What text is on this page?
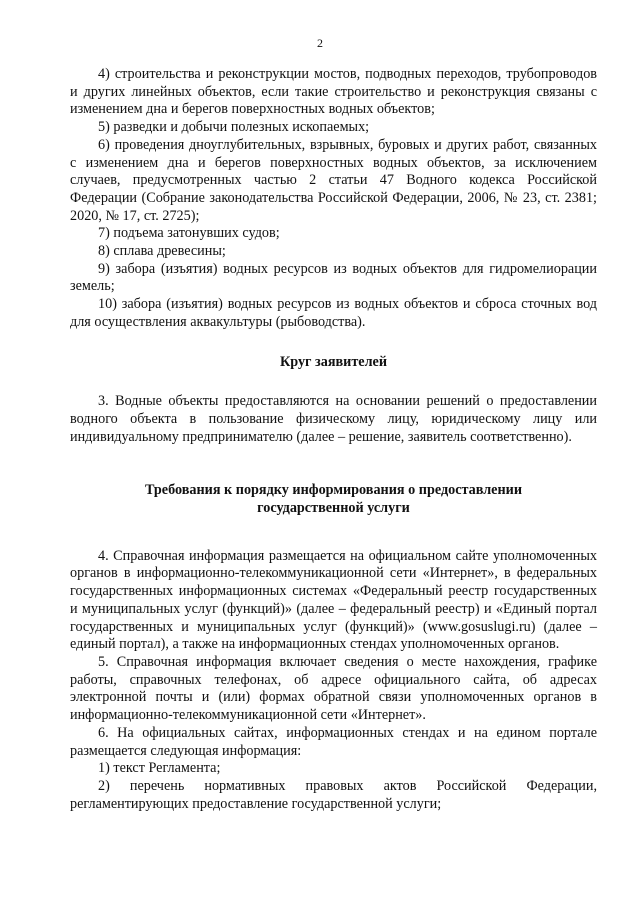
2

4) строительства и реконструкции мостов, подводных переходов, трубопроводов и других линейных объектов, если такие строительство и реконструкция связаны с изменением дна и берегов поверхностных водных объектов;

5) разведки и добычи полезных ископаемых;

6) проведения дноуглубительных, взрывных, буровых и других работ, связанных с изменением дна и берегов поверхностных водных объектов, за исключением случаев, предусмотренных частью 2 статьи 47 Водного кодекса Российской Федерации (Собрание законодательства Российской Федерации, 2006, № 23, ст. 2381; 2020, № 17, ст. 2725);

7) подъема затонувших судов;

8) сплава древесины;

9) забора (изъятия) водных ресурсов из водных объектов для гидромелиорации земель;

10) забора (изъятия) водных ресурсов из водных объектов и сброса сточных вод для осуществления аквакультуры (рыбоводства).

Круг заявителей

3. Водные объекты предоставляются на основании решений о предоставлении водного объекта в пользование физическому лицу, юридическому лицу или индивидуальному предпринимателю (далее – решение, заявитель соответственно).

Требования к порядку информирования о предоставлении
государственной услуги

4. Справочная информация размещается на официальном сайте уполномоченных органов в информационно-телекоммуникационной сети «Интернет», в федеральных государственных информационных системах «Федеральный реестр государственных и муниципальных услуг (функций)» (далее – федеральный реестр) и «Единый портал государственных и муниципальных услуг (функций)» (www.gosuslugi.ru) (далее – единый портал), а также на информационных стендах уполномоченных органов.

5. Справочная информация включает сведения о месте нахождения, графике работы, справочных телефонах, об адресе официального сайта, об адресах электронной почты и (или) формах обратной связи уполномоченных органов в информационно-телекоммуникационной сети «Интернет».

6. На официальных сайтах, информационных стендах и на едином портале размещается следующая информация:

1) текст Регламента;

2) перечень нормативных правовых актов Российской Федерации, регламентирующих предоставление государственной услуги;
